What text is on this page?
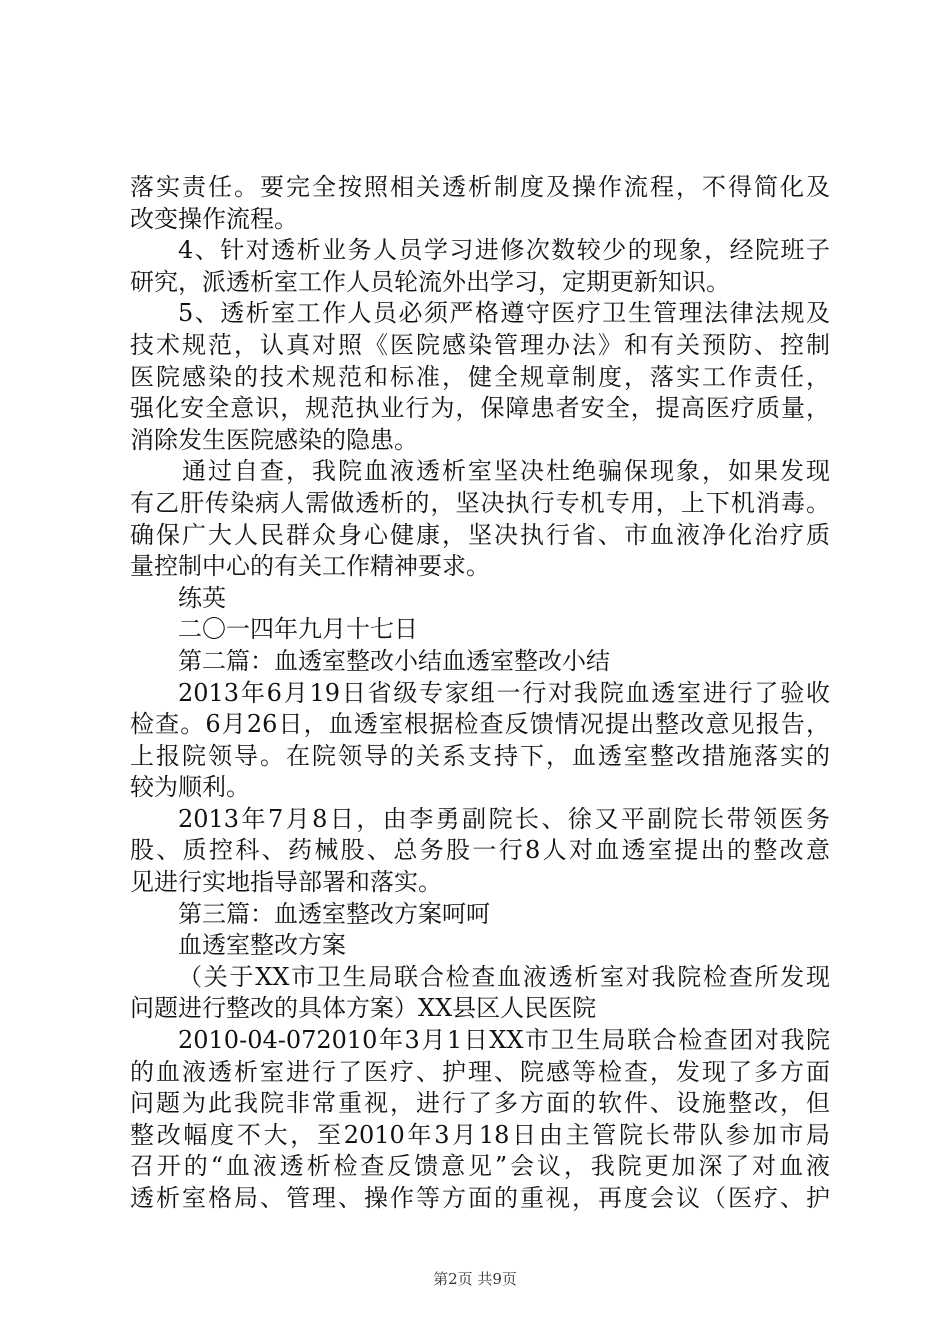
落实责任。要完全按照相关透析制度及操作流程，不得简化及
改变操作流程。
4、针对透析业务人员学习进修次数较少的现象，经院班子
研究，派透析室工作人员轮流外出学习，定期更新知识。
5、透析室工作人员必须严格遵守医疗卫生管理法律法规及
技术规范，认真对照《医院感染管理办法》和有关预防、控制
医院感染的技术规范和标准，健全规章制度，落实工作责任，
强化安全意识，规范执业行为，保障患者安全，提高医疗质量，
消除发生医院感染的隐患。
通过自查，我院血液透析室坚决杜绝骗保现象，如果发现
有乙肝传染病人需做透析的，坚决执行专机专用，上下机消毒。
确保广大人民群众身心健康，坚决执行省、市血液净化治疗质
量控制中心的有关工作精神要求。
练英
二〇一四年九月十七日
第二篇：血透室整改小结血透室整改小结
2013年6月19日省级专家组一行对我院血透室进行了验收
检查。6月26日，血透室根据检查反馈情况提出整改意见报告，
上报院领导。在院领导的关系支持下，血透室整改措施落实的
较为顺利。
2013年7月8日，由李勇副院长、徐又平副院长带领医务
股、质控科、药械股、总务股一行8人对血透室提出的整改意
见进行实地指导部署和落实。
第三篇：血透室整改方案呵呵
血透室整改方案
（关于XX市卫生局联合检查血液透析室对我院检查所发现
问题进行整改的具体方案）XX县区人民医院
2010-04-072010年3月1日XX市卫生局联合检查团对我院
的血液透析室进行了医疗、护理、院感等检查，发现了多方面
问题为此我院非常重视，进行了多方面的软件、设施整改，但
整改幅度不大，至2010年3月18日由主管院长带队参加市局
召开的“血液透析检查反馈意见”会议，我院更加深了对血液
透析室格局、管理、操作等方面的重视，再度会议（医疗、护
第2页 共9页
